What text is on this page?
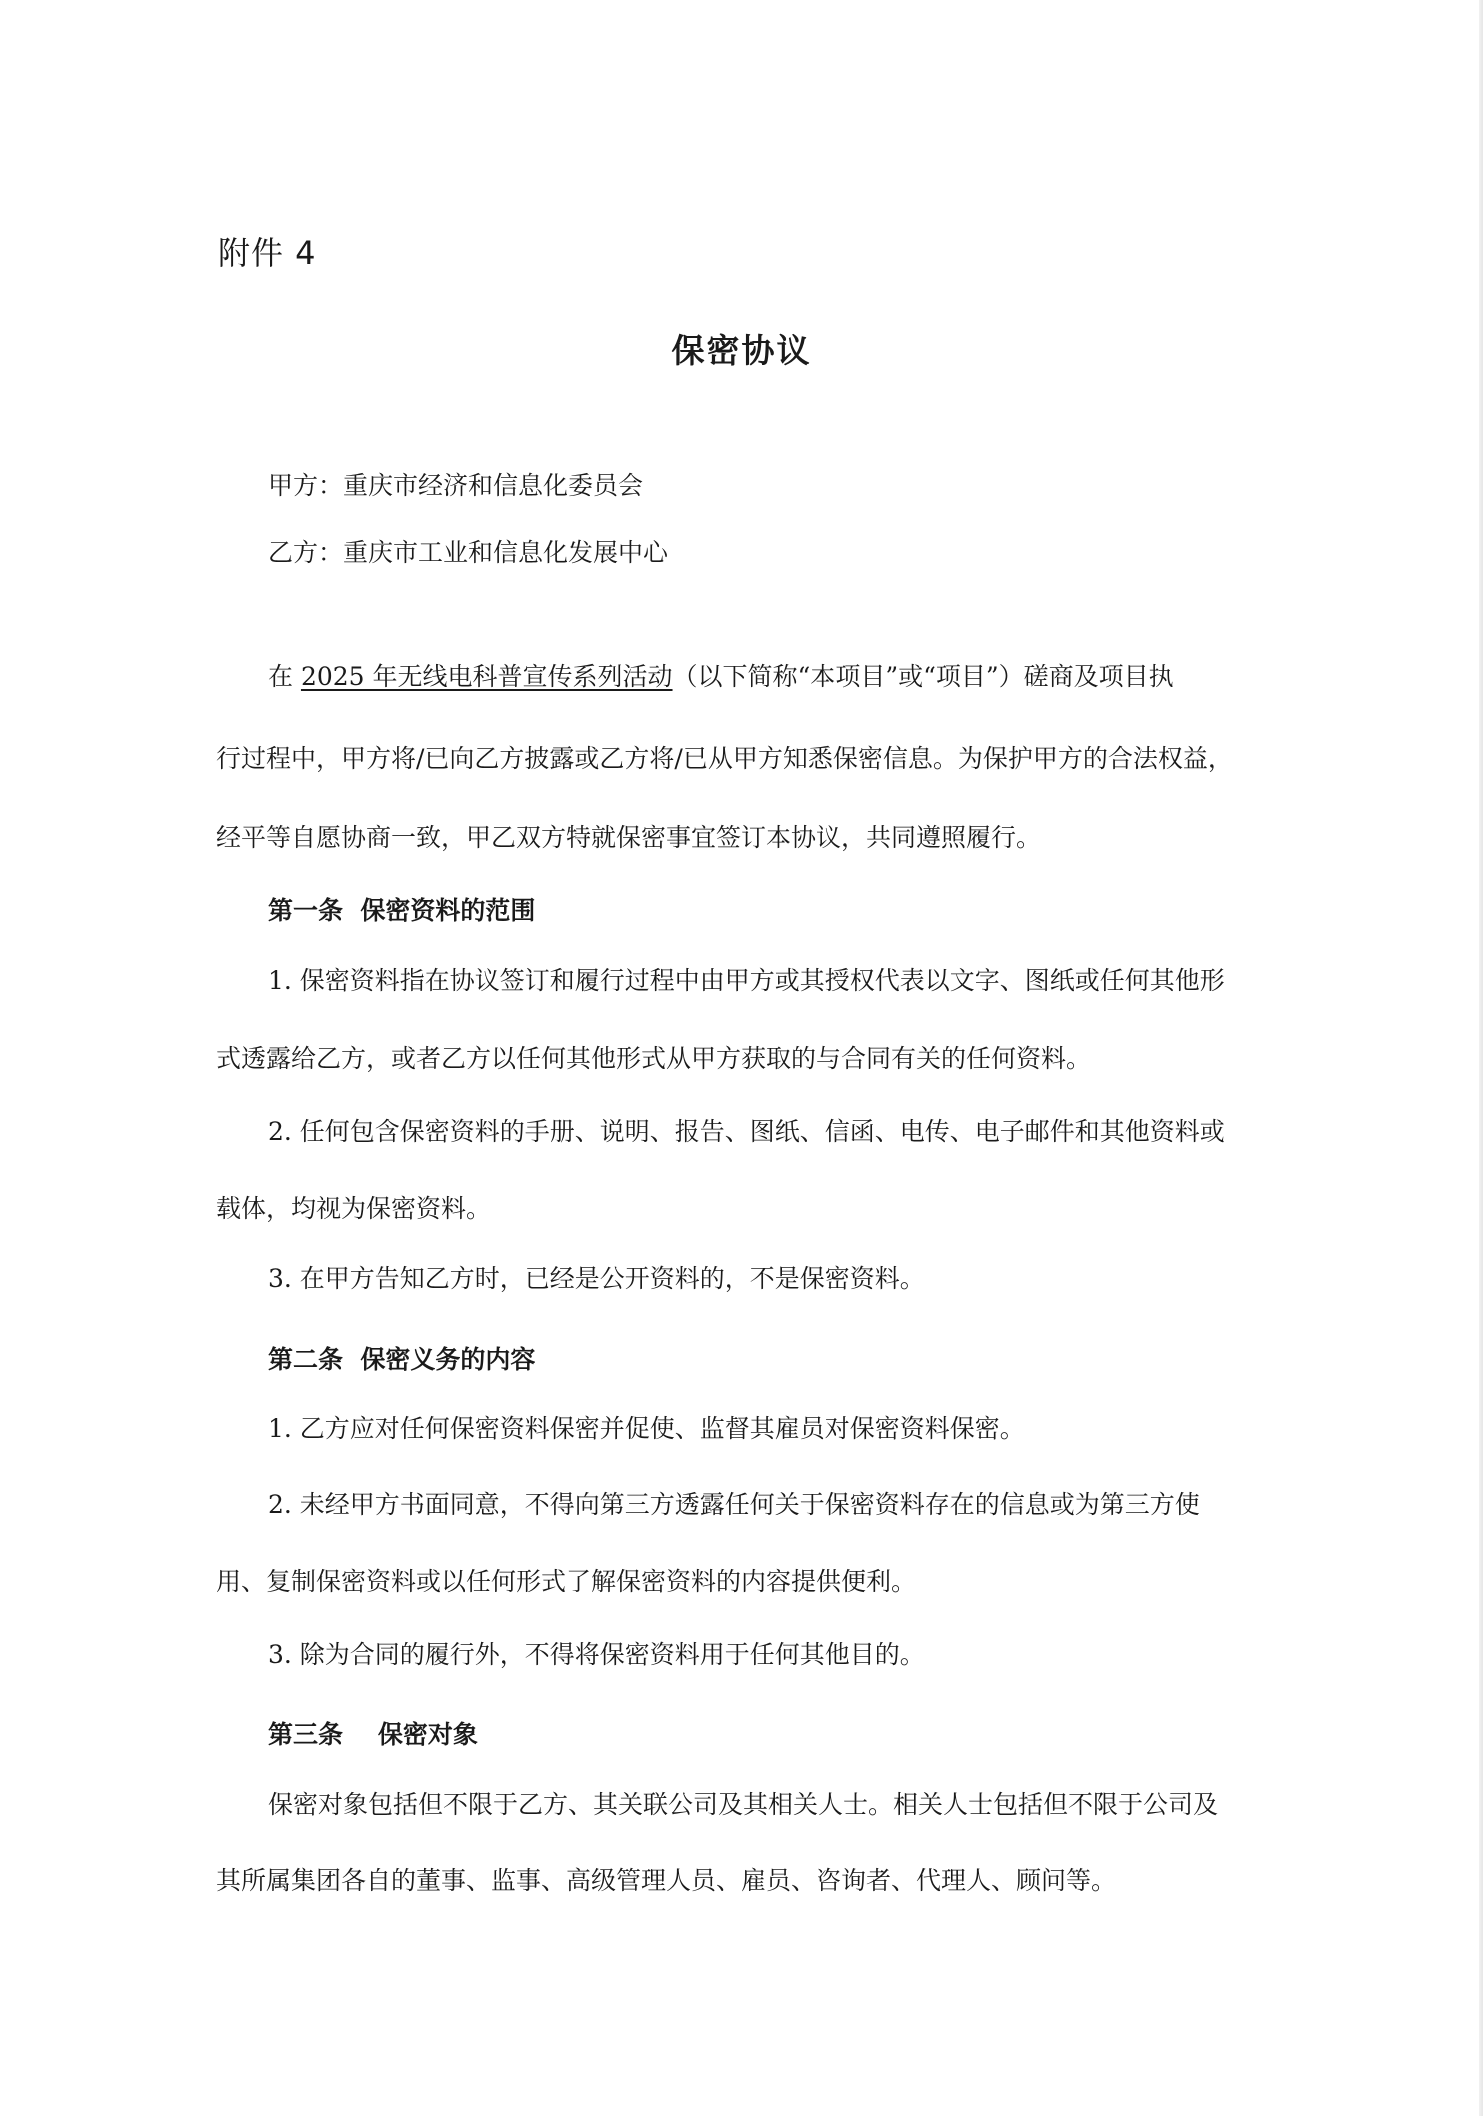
附件 4
保密协议
甲方：重庆市经济和信息化委员会
乙方：重庆市工业和信息化发展中心
在 2025 年无线电科普宣传系列活动（以下简称“本项目”或“项目”）磋商及项目执
行过程中，甲方将/已向乙方披露或乙方将/已从甲方知悉保密信息。为保护甲方的合法权益，
经平等自愿协商一致，甲乙双方特就保密事宜签订本协议，共同遵照履行。
第一条  保密资料的范围
1. 保密资料指在协议签订和履行过程中由甲方或其授权代表以文字、图纸或任何其他形
式透露给乙方，或者乙方以任何其他形式从甲方获取的与合同有关的任何资料。
2. 任何包含保密资料的手册、说明、报告、图纸、信函、电传、电子邮件和其他资料或
载体，均视为保密资料。
3. 在甲方告知乙方时，已经是公开资料的，不是保密资料。
第二条  保密义务的内容
1. 乙方应对任何保密资料保密并促使、监督其雇员对保密资料保密。
2. 未经甲方书面同意，不得向第三方透露任何关于保密资料存在的信息或为第三方使
用、复制保密资料或以任何形式了解保密资料的内容提供便利。
3. 除为合同的履行外，不得将保密资料用于任何其他目的。
第三条    保密对象
保密对象包括但不限于乙方、其关联公司及其相关人士。相关人士包括但不限于公司及
其所属集团各自的董事、监事、高级管理人员、雇员、咨询者、代理人、顾问等。
